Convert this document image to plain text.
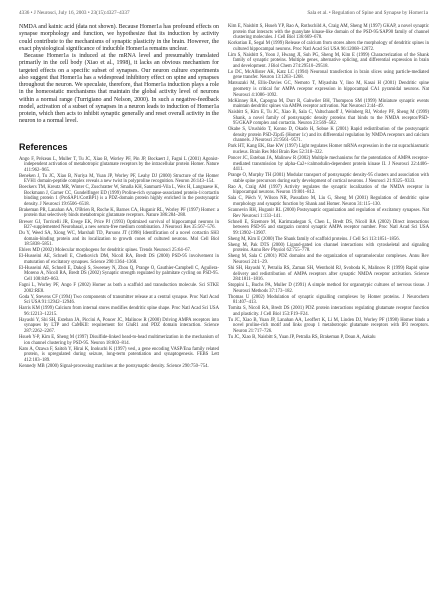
4336 • J Neurosci, July 16, 2003 • 23(15):4327–4337	Sala et al. • Regulation of Spine and Synapse by Homer1a

NMDA and kainic acid (data not shown). Because Homer1a has profound effects on synapse morphology and function, we hypothesize that its induction by activity could contribute to the mechanisms of synaptic plasticity in the brain. However, the exact physiological significance of inducible Homer1a remains unclear.

Because Homer1a is induced at the mRNA level and presumably translated primarily in the cell body (Xiao et al., 1998), it lacks an obvious mechanism for targeted effects on a specific subset of synapses. Our neuron culture experiments also suggest that Homer1a has a widespread inhibitory effect on spine and synapses throughout the neuron. We speculate, therefore, that Homer1a induction plays a role in the homeostatic mechanisms that maintain the global activity level of neurons within a normal range (Turrigiano and Nelson, 2000). In such a negative-feedback model, activation of a subset of synapses in a neuron leads to induction of Homer1a protein, which then acts to inhibit synaptic generally and reset overall activity in the neuron to a normal level.

References

Ango F, Prézeau L, Muller T, Tu JC, Xiao B, Worley PF, Pin JP, Bockaert J, Fagni L (2001) Agonist-independent activation of metabotropic glutamate receptors by the intracellular protein Homer. Nature 411:962–965.

Beneken J, Tu JC, Xiao B, Nuriya M, Yuan JP, Worley PF, Leahy DJ (2000) Structure of the Homer EVH1 domain-peptide complex reveals a new twist in polyproline recognition. Neuron 26:143–154.

Boeckers TM, Kreutz MR, Winter C, Zuschratter W, Smalla KH, Sanmarti-Vila L, Wex H, Langnaese K, Bockmann J, Garner CC, Gundelfinger ED (1999) Proline-rich synapse-associated protein-1/cortactin binding protein 1 (ProSAP1/CortBP1) is a PDZ-domain protein highly enriched in the postsynaptic density. J Neurosci 19:6506–6518.

Brakeman PR, Lanahan AA, O'Brien R, Roche K, Barnes CA, Huganir RL, Worley PF (1997) Homer: a protein that selectively binds metabotropic glutamate receptors. Nature 386:284–288.

Brewer GJ, Torricelli JR, Evege EK, Price PJ (1993) Optimized survival of hippocampal neurons in B27-supplemented Neurobasal, a new serum-free medium combination. J Neurosci Res 35:567–576.

Du Y, Weed SA, Xiong WC, Marshall TD, Parsons JT (1998) Identification of a novel cortactin SH3 domain-binding protein and its localization to growth cones of cultured neurons. Mol Cell Biol 18:5838–5851.

Ehlers MD (2002) Molecular morphogens for dendritic spines. Trends Neurosci 25:64–67.

El-Husseini AE, Schnell E, Chetkovich DM, Nicoll RA, Bredt DS (2000) PSD-95 involvement in maturation of excitatory synapses. Science 290:1364–1368.

El-Husseini AE, Schnell E, Dakoji S, Sweeney N, Zhou Q, Prange O, Gauthier-Campbell C, Aguilera-Moreno A, Nicoll RA, Bredt DS (2002) Synaptic strength regulated by palmitate cycling on PSD-95. Cell 108:849–863.

Fagni L, Worley PF, Ango F (2002) Homer as both a scaffold and transduction molecule. Sci STKE 2002:RE8.

Goda Y, Stevens CF (1994) Two components of transmitter release at a central synapse. Proc Natl Acad Sci USA 91:12942–12946.

Harris KM (1999) Calcium from internal stores modifies dendritic spine shape. Proc Natl Acad Sci USA 96:12213–12215.

Hayashi Y, Shi SH, Esteban JA, Piccini A, Poncer JC, Malinow R (2000) Driving AMPA receptors into synapses by LTP and CaMKII: requirement for GluR1 and PDZ domain interaction. Science 287:2262–2267.

Hsueh Y-P, Kim E, Sheng M (1997) Disulfide-linked head-to-head multimerization in the mechanism of ion channel clustering by PSD-95. Neuron 18:803–814.

Kato A, Ozawa F, Saitoh Y, Hirai K, Inokuchi K (1997) vesl, a gene encoding VASP/Ena family related protein, is upregulated during seizure, long-term potentiation and synaptogenesis. FEBS Lett 412:183–189.

Kennedy MB (2000) Signal-processing machines at the postsynaptic density. Science 290:750–754.

Kim E, Naisbitt S, Hsueh YP, Rao A, Rothschild A, Craig AM, Sheng M (1997) GKAP, a novel synaptic protein that interacts with the guanylate kinase-like domain of the PSD-95/SAP90 family of channel clustering molecules. J Cell Biol 136:669–678.

Korkotian E, Segal M (1999) Release of calcium from stores alters the morphology of dendritic spines in cultured hippocampal neurons. Proc Natl Acad Sci USA 96:12068–12072.

Lim S, Naisbitt S, Yoon J, Hwang JI, Suh PG, Sheng M, Kim E (1999) Characterization of the Shank family of synaptic proteins. Multiple genes, alternative splicing, and differential expression in brain and development. J Biol Chem 274:29510–29518.

Lo DC, McAllister AK, Katz LC (1994) Neuronal transfection in brain slices using particle-mediated gene transfer. Neuron 13:1263–1268.

Matsuzaki M, Ellis-Davies GC, Nemoto T, Miyashita Y, Iino M, Kasai H (2001) Dendritic spine geometry is critical for AMPA receptor expression in hippocampal CA1 pyramidal neurons. Nat Neurosci 4:1086–1092.

McKinney RA, Capogna M, Durr R, Gahwiler BH, Thompson SM (1999) Miniature synaptic events maintain dendritic spines via AMPA receptor activation. Nat Neurosci 2:44–49.

Naisbitt S, Kim E, Tu JC, Xiao B, Sala C, Valtschanoff J, Weinberg RJ, Worley PF, Sheng M (1999) Shank, a novel family of postsynaptic density proteins that binds to the NMDA receptor/PSD-95/GKAP complex and cortactin. Neuron 23:569–582.

Okabe S, Urushido T, Konno D, Okado H, Sobue K (2001) Rapid redistribution of the postsynaptic density protein PSD-Zip45 (Homer 1c) and its differential regulation by NMDA receptors and calcium channels. J Neurosci 21:9561–9571.

Park HT, Kang EK, Bae KW (1997) Light regulates Homer mRNA expression in the rat suprachiasmatic nucleus. Brain Res Mol Brain Res 52:318–322.

Poncer JC, Esteban JA, Malinow R (2002) Multiple mechanisms for the potentiation of AMPA receptor-mediated transmission by alpha-Ca2+/calmodulin-dependent protein kinase II. J Neurosci 22:4406–4411.

Prange O, Murphy TH (2001) Modular transport of postsynaptic density-95 clusters and association with stable spine precursors during early development of cortical neurons. J Neurosci 21:9325–9333.

Rao A, Craig AM (1997) Activity regulates the synaptic localization of the NMDA receptor in hippocampal neurons. Neuron 19:801–812.

Sala C, Piëch V, Wilson NR, Passafaro M, Liu G, Sheng M (2001) Regulation of dendritic spine morphology and synaptic function by Shank and Homer. Neuron 31:115–130.

Scannevin RH, Huganir RL (2000) Postsynaptic organization and regulation of excitatory synapses. Nat Rev Neurosci 1:133–141.

Schnell E, Sizemore M, Karimzadegan S, Chen L, Bredt DS, Nicoll RA (2002) Direct interactions between PSD-95 and stargazin control synaptic AMPA receptor number. Proc Natl Acad Sci USA 99:13902–13907.

Sheng M, Kim E (2000) The Shank family of scaffold proteins. J Cell Sci 113:1851–1856.

Sheng M, Pak DTS (2000) Ligand-gated ion channel interactions with cytoskeletal and signaling proteins. Annu Rev Physiol 62:755–778.

Sheng M, Sala C (2001) PDZ domains and the organization of supramolecular complexes. Annu Rev Neurosci 24:1–29.

Shi SH, Hayashi Y, Petralia RS, Zaman SH, Wenthold RJ, Svoboda K, Malinow R (1999) Rapid spine delivery and redistribution of AMPA receptors after synaptic NMDA receptor activation. Science 284:1811–1816.

Stoppini L, Buchs PA, Muller D (1991) A simple method for organotypic cultures of nervous tissue. J Neurosci Methods 37:173–182.

Thomas U (2002) Modulation of synaptic signalling complexes by Homer proteins. J Neurochem 81:407–413.

Tomita S, Nicoll RA, Bredt DS (2001) PDZ protein interactions regulating glutamate receptor function and plasticity. J Cell Biol 153:F19–F24.

Tu JC, Xiao B, Yuan JP, Lanahan AA, Leoffert K, Li M, Linden DJ, Worley PF (1998) Homer binds a novel proline-rich motif and links group 1 metabotropic glutamate receptors with IP3 receptors. Neuron 21:717–726.

Tu JC, Xiao B, Naisbitt S, Yuan JP, Petralia RS, Brakeman P, Doan A, Aakalu
